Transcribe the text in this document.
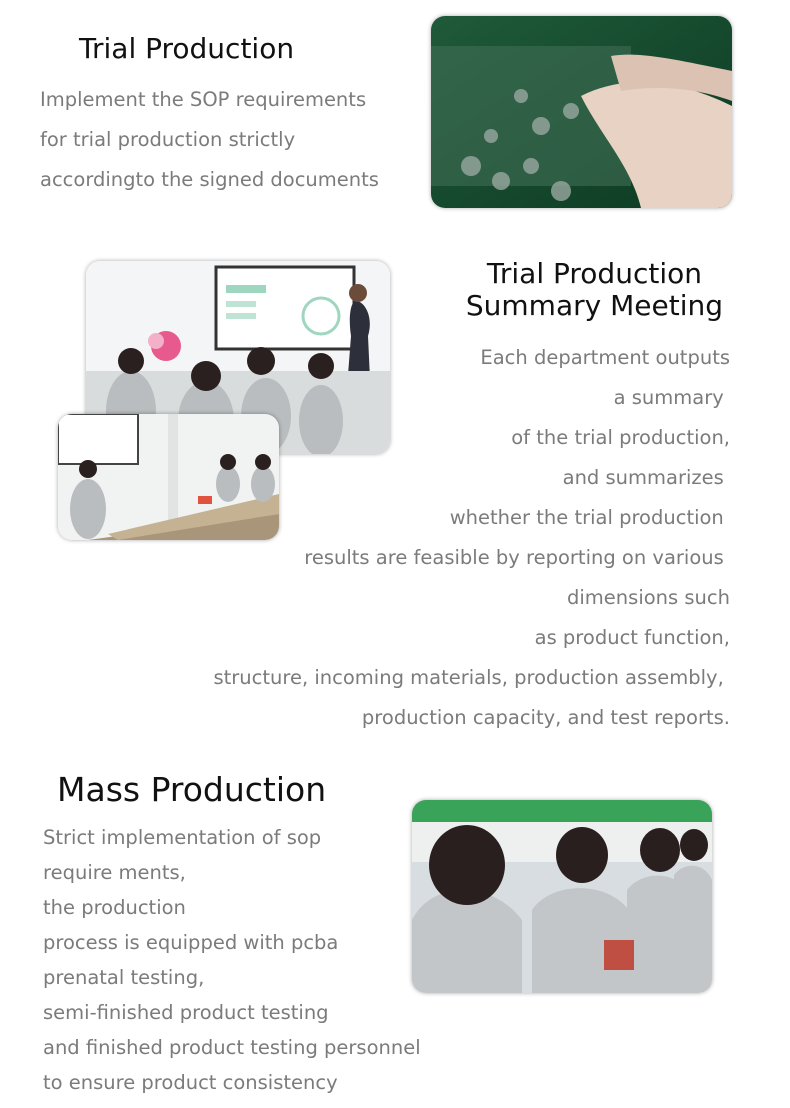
Trial Production
Implement the SOP requirements
for trial production strictly
accordingto the signed documents
Trial Production
Summary Meeting
Each department outputs
a summary
of the trial production,
and summarizes
whether the trial production
results are feasible by reporting on various
dimensions such
as product function,
structure, incoming materials, production assembly,
production capacity, and test reports.
Mass Production
Strict implementation of sop
require ments,
the production
process is equipped with pcba
prenatal testing,
semi-finished product testing
and finished product testing personnel
to ensure product consistency
